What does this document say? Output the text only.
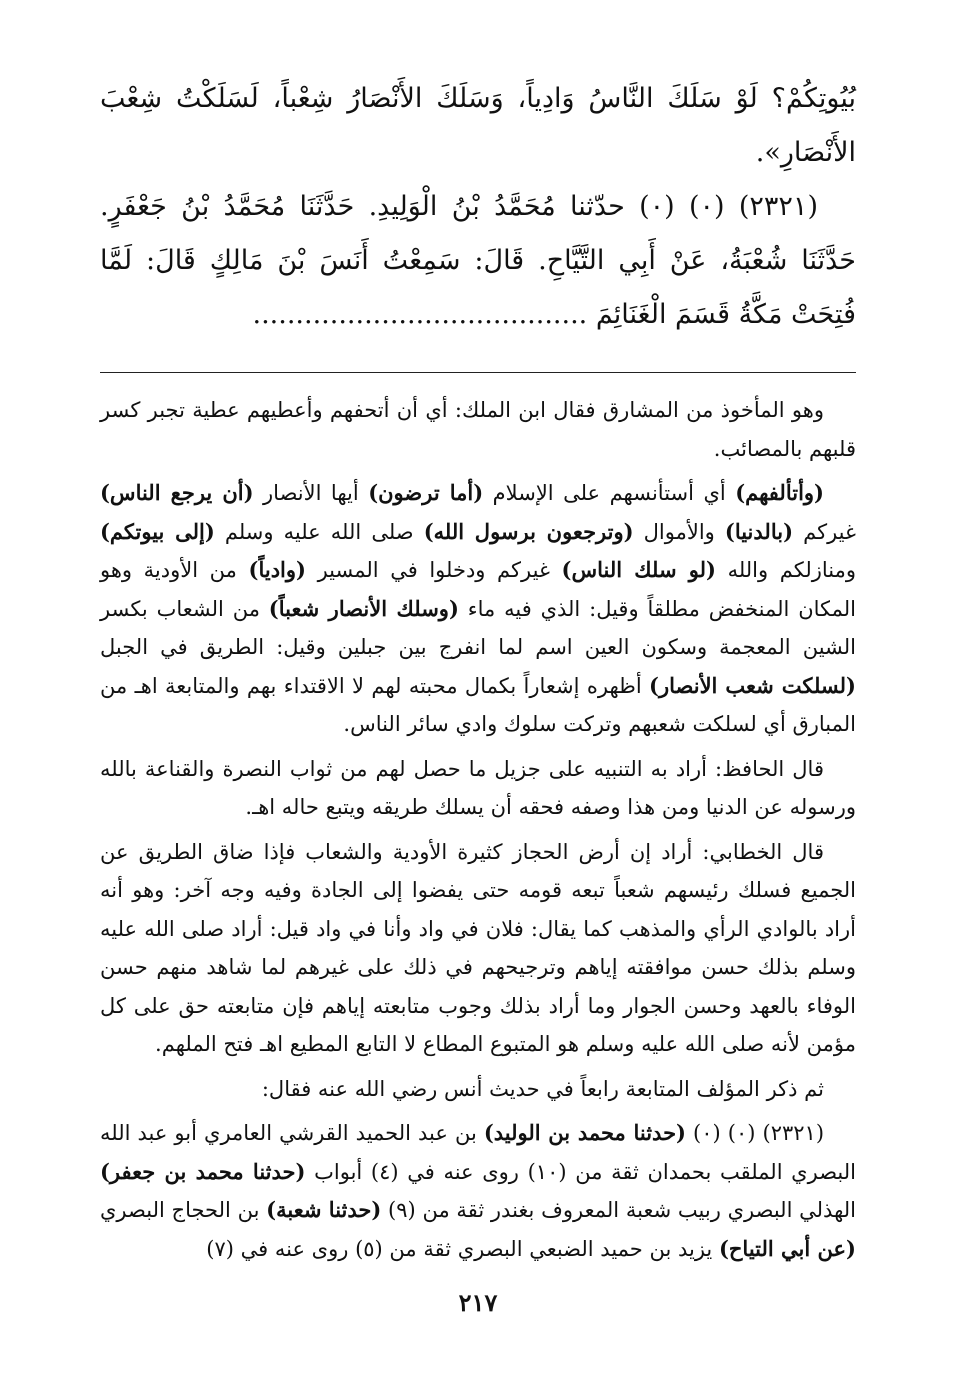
بُيُوتِكُمْ؟ لَوْ سَلَكَ النَّاسُ وَادِياً، وَسَلَكَ الأَنْصَارُ شِعْباً، لَسَلَكْتُ شِعْبَ الأَنْصَارِ».

(٢٣٢١) (٠) (٠) حدّثنا مُحَمَّدُ بْنُ الْوَلِيدِ. حَدَّثَنَا مُحَمَّدُ بْنُ جَعْفَرٍ. حَدَّثَنَا شُعْبَةُ، عَنْ أَبِي التَّيَّاحِ. قَالَ: سَمِعْتُ أَنَسَ بْنَ مَالِكٍ قَالَ: لَمَّا فُتِحَتْ مَكَّةُ قَسَمَ الْغَنَائِمَ .......................................

وهو المأخوذ من المشارق فقال ابن الملك: أي أن أتحفهم وأعطيهم عطية تجبر كسر قلبهم بالمصائب.

(وأتألفهم) أي أستأنسهم على الإسلام (أما ترضون) أيها الأنصار (أن يرجع الناس) غيركم (بالدنيا) والأموال (وترجعون برسول الله) صلى الله عليه وسلم (إلى بيوتكم) ومنازلكم والله (لو سلك الناس) غيركم ودخلوا في المسير (وادياً) من الأودية وهو المكان المنخفض مطلقاً وقيل: الذي فيه ماء (وسلك الأنصار شعباً) من الشعاب بكسر الشين المعجمة وسكون العين اسم لما انفرج بين جبلين وقيل: الطريق في الجبل (لسلكت شعب الأنصار) أظهره إشعاراً بكمال محبته لهم لا الاقتداء بهم والمتابعة اهـ من المبارق أي لسلكت شعبهم وتركت سلوك وادي سائر الناس.

قال الحافظ: أراد به التنبيه على جزيل ما حصل لهم من ثواب النصرة والقناعة بالله ورسوله عن الدنيا ومن هذا وصفه فحقه أن يسلك طريقه ويتبع حاله اهـ.

قال الخطابي: أراد إن أرض الحجاز كثيرة الأودية والشعاب فإذا ضاق الطريق عن الجميع فسلك رئيسهم شعباً تبعه قومه حتى يفضوا إلى الجادة وفيه وجه آخر: وهو أنه أراد بالوادي الرأي والمذهب كما يقال: فلان في واد وأنا في واد قيل: أراد صلى الله عليه وسلم بذلك حسن موافقته إياهم وترجيحهم في ذلك على غيرهم لما شاهد منهم حسن الوفاء بالعهد وحسن الجوار وما أراد بذلك وجوب متابعته إياهم فإن متابعته حق على كل مؤمن لأنه صلى الله عليه وسلم هو المتبوع المطاع لا التابع المطيع اهـ فتح الملهم.

ثم ذكر المؤلف المتابعة رابعاً في حديث أنس رضي الله عنه فقال:

(٢٣٢١) (٠) (٠) (حدثنا محمد بن الوليد) بن عبد الحميد القرشي العامري أبو عبد الله البصري الملقب بحمدان ثقة من (١٠) روى عنه في (٤) أبواب (حدثنا محمد بن جعفر) الهذلي البصري ربيب شعبة المعروف بغندر ثقة من (٩) (حدثنا شعبة) بن الحجاج البصري (عن أبي التياح) يزيد بن حميد الضبعي البصري ثقة من (٥) روى عنه في (٧)

٢١٧
